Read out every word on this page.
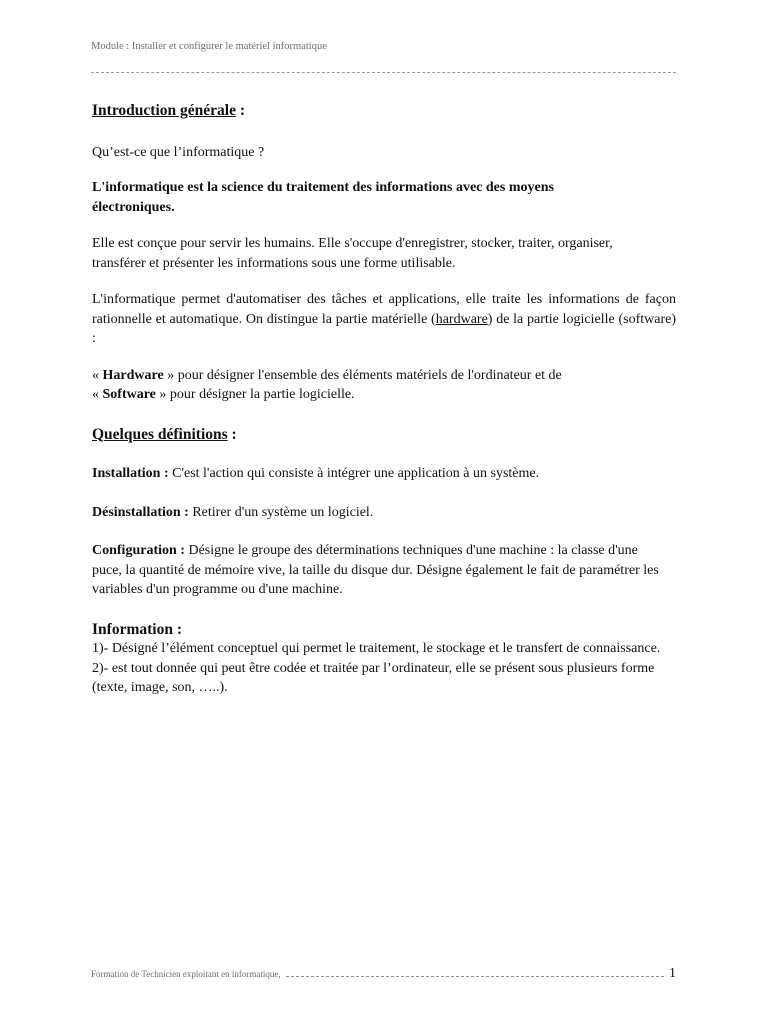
Module : Installer et configurer le matériel informatique
Introduction générale :

Qu’est-ce que l’informatique ?

L'informatique est la science du traitement des informations avec des moyens électroniques.

Elle est conçue pour servir les humains. Elle s'occupe d'enregistrer, stocker, traiter, organiser, transférer et présenter les informations sous une forme utilisable.

L'informatique permet d'automatiser des tâches et applications, elle traite les informations de façon rationnelle et automatique. On distingue la partie matérielle (hardware) de la partie logicielle (software) :

« Hardware » pour désigner l'ensemble des éléments matériels de l'ordinateur et de

« Software » pour désigner la partie logicielle.

Quelques définitions :

Installation : C'est l'action qui consiste à intégrer une application à un système.

Désinstallation : Retirer d'un système un logiciel.

Configuration : Désigne le groupe des déterminations techniques d'une machine : la classe d'une puce, la quantité de mémoire vive, la taille du disque dur. Désigne également le fait de paramétrer les variables d'un programme ou d'une machine.

Information :

1)- Désigné l’élément conceptuel qui permet le traitement, le stockage et le transfert de connaissance.

2)- est tout donnée qui peut être codée et traitée par l’ordinateur, elle se présent sous plusieurs forme (texte, image, son, …..).

Formation de Technicien exploitant en informatique,	1
